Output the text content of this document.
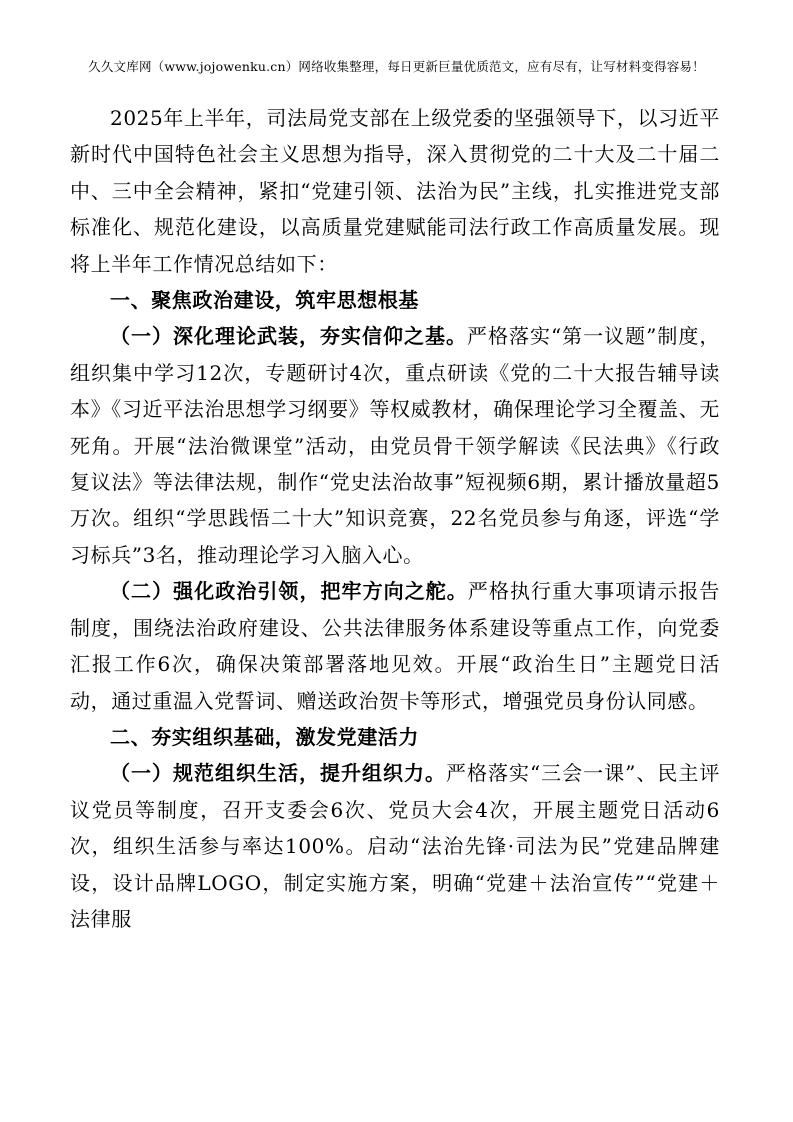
久久文库网（www.jojowenku.cn）网络收集整理，每日更新巨量优质范文，应有尽有，让写材料变得容易！

2025年上半年，司法局党支部在上级党委的坚强领导下，以习近平新时代中国特色社会主义思想为指导，深入贯彻党的二十大及二十届二中、三中全会精神，紧扣“党建引领、法治为民”主线，扎实推进党支部标准化、规范化建设，以高质量党建赋能司法行政工作高质量发展。现将上半年工作情况总结如下：

一、聚焦政治建设，筑牢思想根基

（一）深化理论武装，夯实信仰之基。严格落实“第一议题”制度，组织集中学习12次，专题研讨4次，重点研读《党的二十大报告辅导读本》《习近平法治思想学习纲要》等权威教材，确保理论学习全覆盖、无死角。开展“法治微课堂”活动，由党员骨干领学解读《民法典》《行政复议法》等法律法规，制作“党史法治故事”短视频6期，累计播放量超5万次。组织“学思践悟二十大”知识竞赛，22名党员参与角逐，评选“学习标兵”3名，推动理论学习入脑入心。

（二）强化政治引领，把牢方向之舵。严格执行重大事项请示报告制度，围绕法治政府建设、公共法律服务体系建设等重点工作，向党委汇报工作6次，确保决策部署落地见效。开展“政治生日”主题党日活动，通过重温入党誓词、赠送政治贺卡等形式，增强党员身份认同感。

二、夯实组织基础，激发党建活力

（一）规范组织生活，提升组织力。严格落实“三会一课”、民主评议党员等制度，召开支委会6次、党员大会4次，开展主题党日活动6次，组织生活参与率达100%。启动“法治先锋·司法为民”党建品牌建设，设计品牌LOGO，制定实施方案，明确“党建＋法治宣传”“党建＋法律服
